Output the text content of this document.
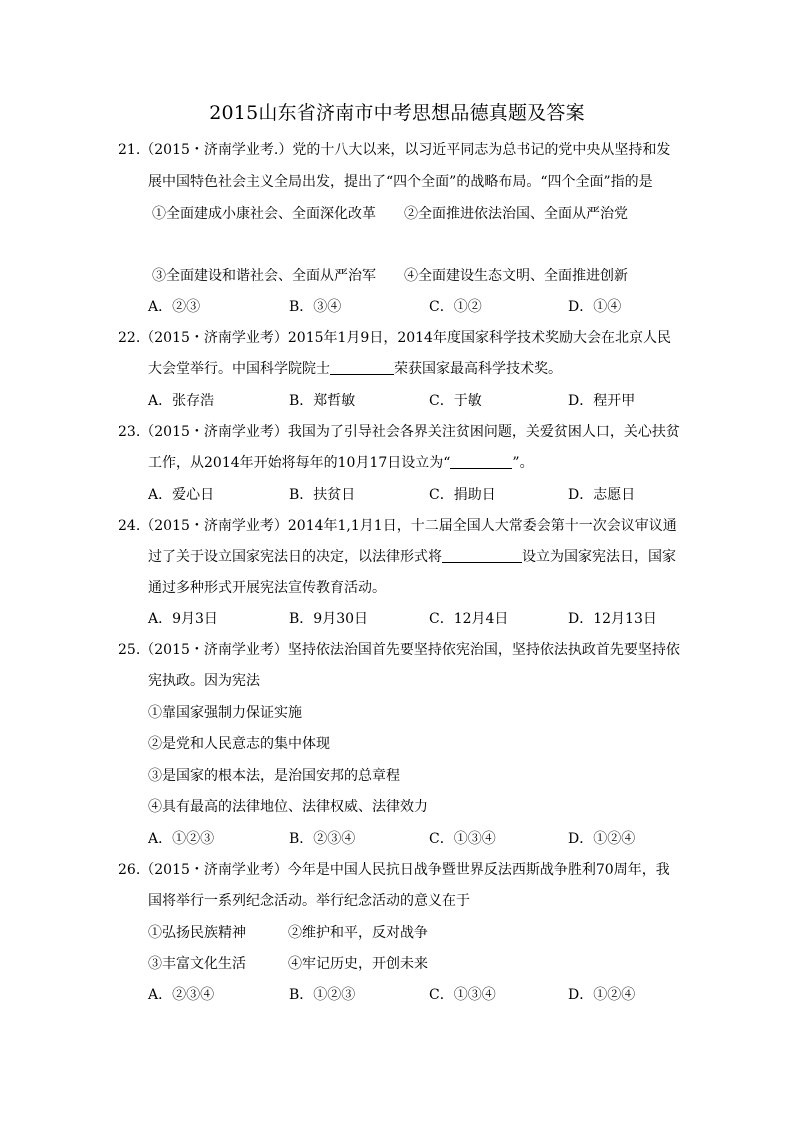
2015山东省济南市中考思想品德真题及答案
21.（2015・济南学业考.）党的十八大以来，以习近平同志为总书记的党中央从坚持和发
展中国特色社会主义全局出发，提出了“四个全面”的战略布局。“四个全面”指的是
①全面建成小康社会、全面深化改革　　②全面推进依法治国、全面从严治党
③全面建设和谐社会、全面从严治军　　④全面建设生态文明、全面推进创新
A．②③	B．③④	C．①②	D．①④
22.（2015・济南学业考）2015年1月9日，2014年度国家科学技术奖励大会在北京人民
大会堂举行。中国科学院院士	荣获国家最高科学技术奖。
A．张存浩	B．郑哲敏	C．于敏	D．程开甲
23.（2015・济南学业考）我国为了引导社会各界关注贫困问题，关爱贫困人口，关心扶贫
工作，从2014年开始将每年的10月17日设立为“	”。
A．爱心日	B．扶贫日	C．捐助日	D．志愿日
24.（2015・济南学业考）2014年1,1月1日，十二届全国人大常委会第十一次会议审议通
过了关于设立国家宪法日的决定，以法律形式将	设立为国家宪法日，国家
通过多种形式开展宪法宣传教育活动。
A．9月3日	B．9月30日	C．12月4日	D．12月13日
25.（2015・济南学业考）坚持依法治国首先要坚持依宪治国，坚持依法执政首先要坚持依
宪执政。因为宪法
①靠国家强制力保证实施
②是党和人民意志的集中体现
③是国家的根本法，是治国安邦的总章程
④具有最高的法律地位、法律权威、法律效力
A．①②③	B．②③④	C．①③④	D．①②④
26.（2015・济南学业考）今年是中国人民抗日战争暨世界反法西斯战争胜利70周年，我
国将举行一系列纪念活动。举行纪念活动的意义在于
①弘扬民族精神　　　②维护和平，反对战争
③丰富文化生活　　　④牢记历史，开创未来
A．②③④	B．①②③	C．①③④	D．①②④
